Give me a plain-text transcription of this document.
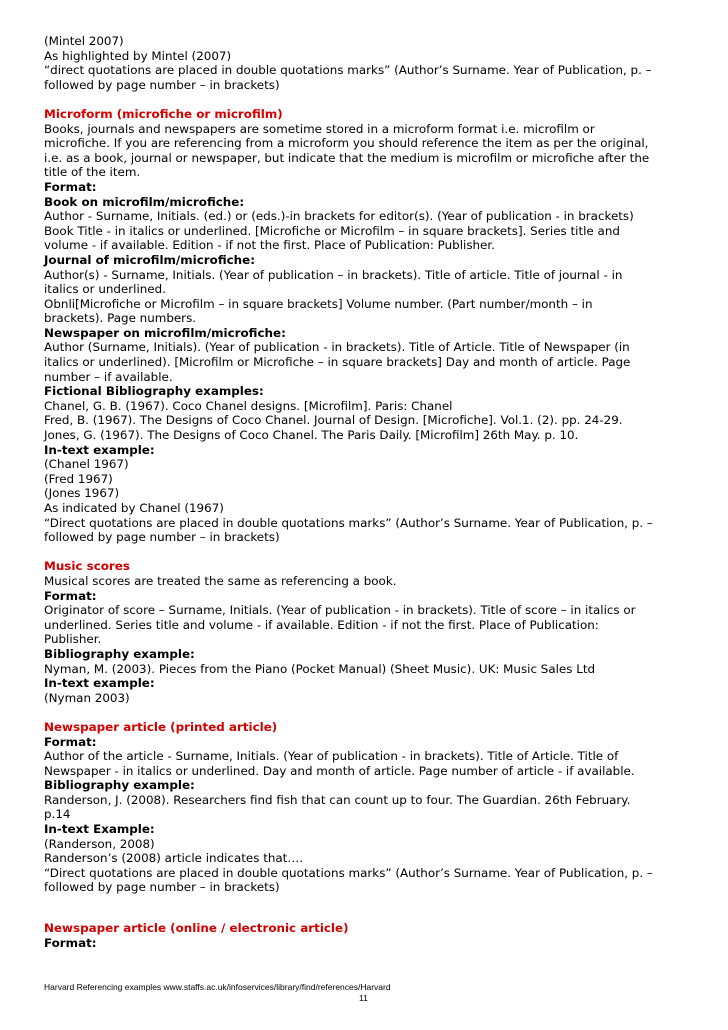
(Mintel 2007)
As highlighted by Mintel (2007)
“direct quotations are placed in double quotations marks” (Author’s Surname. Year of Publication, p. –
followed by page number – in brackets)
Microform (microfiche or microfilm)
Books, journals and newspapers are sometime stored in a microform format i.e. microfilm or
microfiche. If you are referencing from a microform you should reference the item as per the original,
i.e. as a book, journal or newspaper, but indicate that the medium is microfilm or microfiche after the
title of the item.
Format:
Book on microfilm/microfiche:
Author - Surname, Initials. (ed.) or (eds.)-in brackets for editor(s). (Year of publication - in brackets)
Book Title - in italics or underlined. [Microfiche or Microfilm – in square brackets]. Series title and
volume - if available. Edition - if not the first. Place of Publication: Publisher.
Journal of microfilm/microfiche:
Author(s) - Surname, Initials. (Year of publication – in brackets). Title of article. Title of journal - in
italics or underlined.
Obnli[Microfiche or Microfilm – in square brackets] Volume number. (Part number/month – in
brackets). Page numbers.
Newspaper on microfilm/microfiche:
Author (Surname, Initials). (Year of publication - in brackets). Title of Article. Title of Newspaper (in
italics or underlined). [Microfilm or Microfiche – in square brackets] Day and month of article. Page
number – if available.
Fictional Bibliography examples:
Chanel, G. B. (1967). Coco Chanel designs. [Microfilm]. Paris: Chanel
Fred, B. (1967). The Designs of Coco Chanel. Journal of Design. [Microfiche]. Vol.1. (2). pp. 24-29.
Jones, G. (1967). The Designs of Coco Chanel. The Paris Daily. [Microfilm] 26th May. p. 10.
In-text example:
(Chanel 1967)
(Fred 1967)
(Jones 1967)
As indicated by Chanel (1967)
“Direct quotations are placed in double quotations marks” (Author’s Surname. Year of Publication, p. –
followed by page number – in brackets)
Music scores
Musical scores are treated the same as referencing a book.
Format:
Originator of score – Surname, Initials. (Year of publication - in brackets). Title of score – in italics or
underlined. Series title and volume - if available. Edition - if not the first. Place of Publication:
Publisher.
Bibliography example:
Nyman, M. (2003). Pieces from the Piano (Pocket Manual) (Sheet Music). UK: Music Sales Ltd
In-text example:
(Nyman 2003)
Newspaper article (printed article)
Format:
Author of the article - Surname, Initials. (Year of publication - in brackets). Title of Article. Title of
Newspaper - in italics or underlined. Day and month of article. Page number of article - if available.
Bibliography example:
Randerson, J. (2008). Researchers find fish that can count up to four. The Guardian. 26th February.
p.14
In-text Example:
(Randerson, 2008)
Randerson’s (2008) article indicates that….
“Direct quotations are placed in double quotations marks” (Author’s Surname. Year of Publication, p. –
followed by page number – in brackets)
Newspaper article (online / electronic article)
Format:
Harvard Referencing examples www.staffs.ac.uk/infoservices/library/find/references/Harvard
11
